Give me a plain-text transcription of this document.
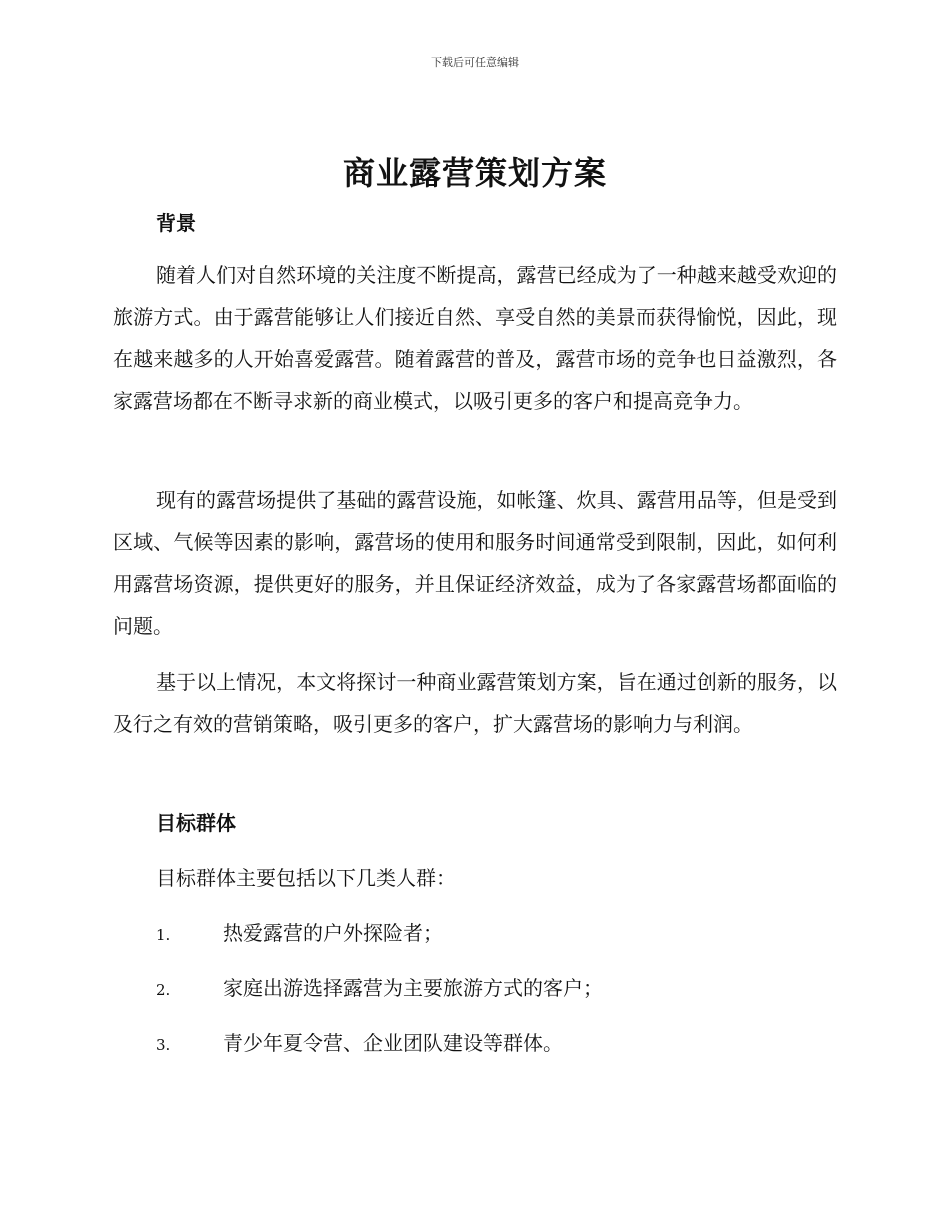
下载后可任意编辑
商业露营策划方案
背景

随着人们对自然环境的关注度不断提高，露营已经成为了一种越来越受欢迎的旅游方式。由于露营能够让人们接近自然、享受自然的美景而获得愉悦，因此，现在越来越多的人开始喜爱露营。随着露营的普及，露营市场的竞争也日益激烈，各家露营场都在不断寻求新的商业模式，以吸引更多的客户和提高竞争力。

现有的露营场提供了基础的露营设施，如帐篷、炊具、露营用品等，但是受到区域、气候等因素的影响，露营场的使用和服务时间通常受到限制，因此，如何利用露营场资源，提供更好的服务，并且保证经济效益，成为了各家露营场都面临的问题。

基于以上情况，本文将探讨一种商业露营策划方案，旨在通过创新的服务，以及行之有效的营销策略，吸引更多的客户，扩大露营场的影响力与利润。

目标群体

目标群体主要包括以下几类人群：

1.	热爱露营的户外探险者；
2.	家庭出游选择露营为主要旅游方式的客户；
3.	青少年夏令营、企业团队建设等群体。
